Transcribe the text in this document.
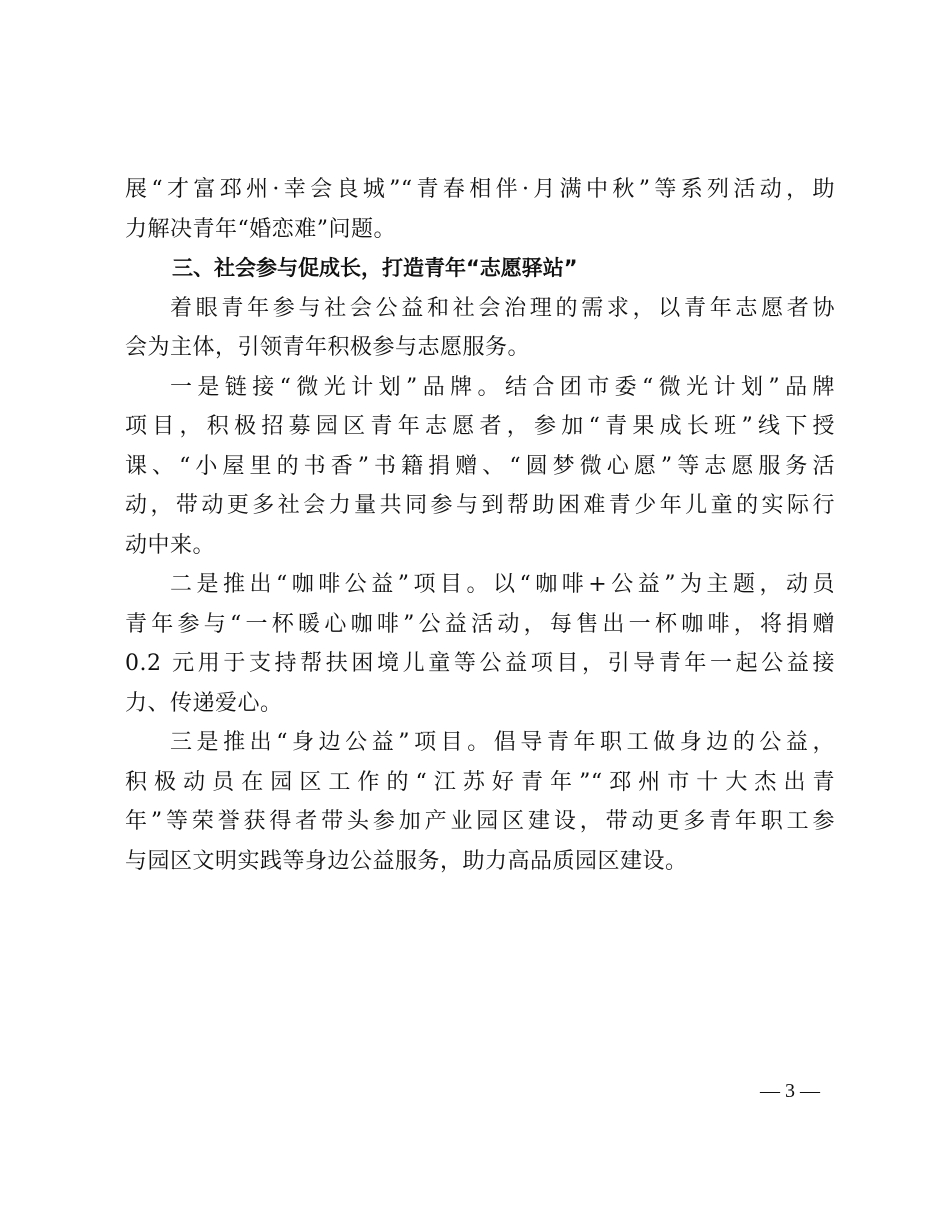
展“才富邳州·幸会良城”“青春相伴·月满中秋”等系列活动，助
力解决青年“婚恋难”问题。
三、社会参与促成长，打造青年“志愿驿站”
着眼青年参与社会公益和社会治理的需求，以青年志愿者协
会为主体，引领青年积极参与志愿服务。
一是链接“微光计划”品牌。结合团市委“微光计划”品牌
项目，积极招募园区青年志愿者，参加“青果成长班”线下授
课、“小屋里的书香”书籍捐赠、“圆梦微心愿”等志愿服务活
动，带动更多社会力量共同参与到帮助困难青少年儿童的实际行
动中来。
二是推出“咖啡公益”项目。以“咖啡+公益”为主题，动员
青年参与“一杯暖心咖啡”公益活动，每售出一杯咖啡，将捐赠
0.2 元用于支持帮扶困境儿童等公益项目，引导青年一起公益接
力、传递爱心。
三是推出“身边公益”项目。倡导青年职工做身边的公益，
积极动员在园区工作的“江苏好青年”“邳州市十大杰出青
年”等荣誉获得者带头参加产业园区建设，带动更多青年职工参
与园区文明实践等身边公益服务，助力高品质园区建设。
— 3 —
